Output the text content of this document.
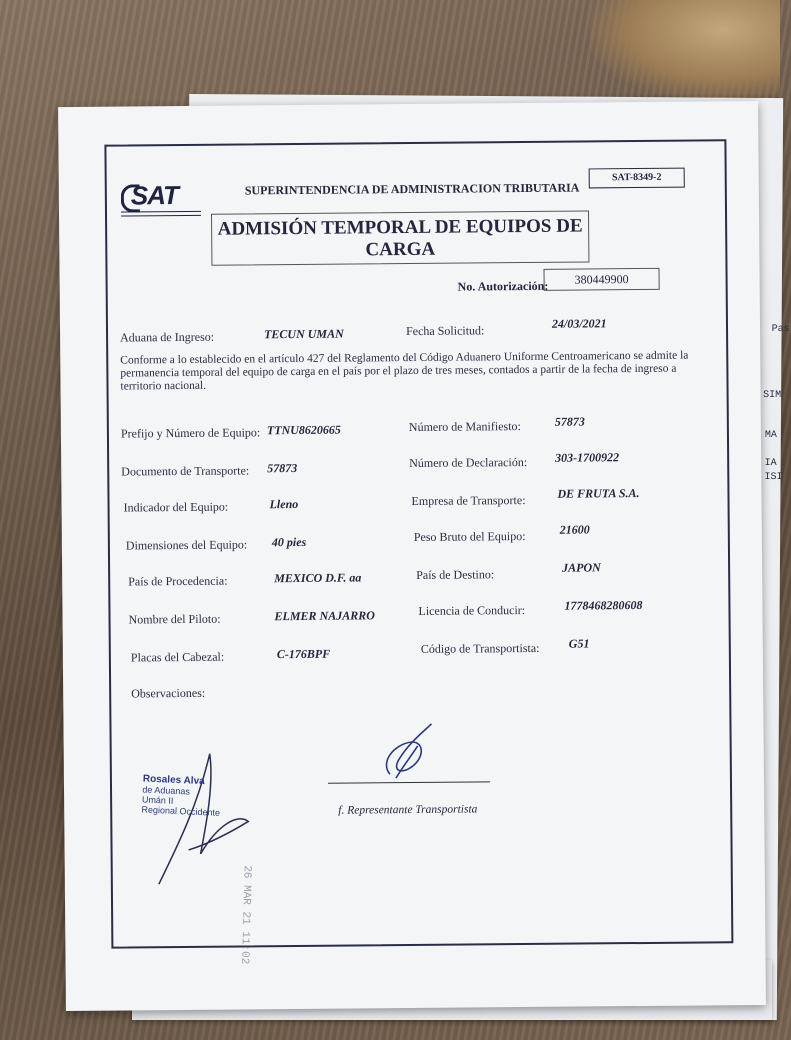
Pas
SIM
MA
IA
ISI
SAT	SUPERINTENDENCIA DE ADMINISTRACION TRIBUTARIA
SAT-8349-2
ADMISIÓN TEMPORAL DE EQUIPOS DE
CARGA
No. Autorización:	380449900
Aduana de Ingreso:	TECUN UMAN	Fecha Solicitud:	24/03/2021
Conforme a lo establecido en el artículo 427 del Reglamento del Código Aduanero Uniforme Centroamericano se admite la permanencia temporal del equipo de carga en el país por el plazo de tres meses, contados a partir de la fecha de ingreso a territorio nacional.
Prefijo y Número de Equipo: TTNU8620665	Número de Manifiesto:	57873
Documento de Transporte: 57873	Número de Declaración: 303-1700922
Indicador del Equipo:	Lleno	Empresa de Transporte:	DE FRUTA S.A.
Dimensiones del Equipo: 40 pies	Peso Bruto del Equipo:	21600
País de Procedencia:	MEXICO D.F. aa	País de Destino:	JAPON
Nombre del Piloto:	ELMER NAJARRO	Licencia de Conducir:	1778468280608
Placas del Cabezal:	C-176BPF	Código de Transportista: G51
Observaciones:
Rosales Alva
de Aduanas
Umán II
Regional Occidente
26 MAR 21 11:02
f. Representante Transportista
